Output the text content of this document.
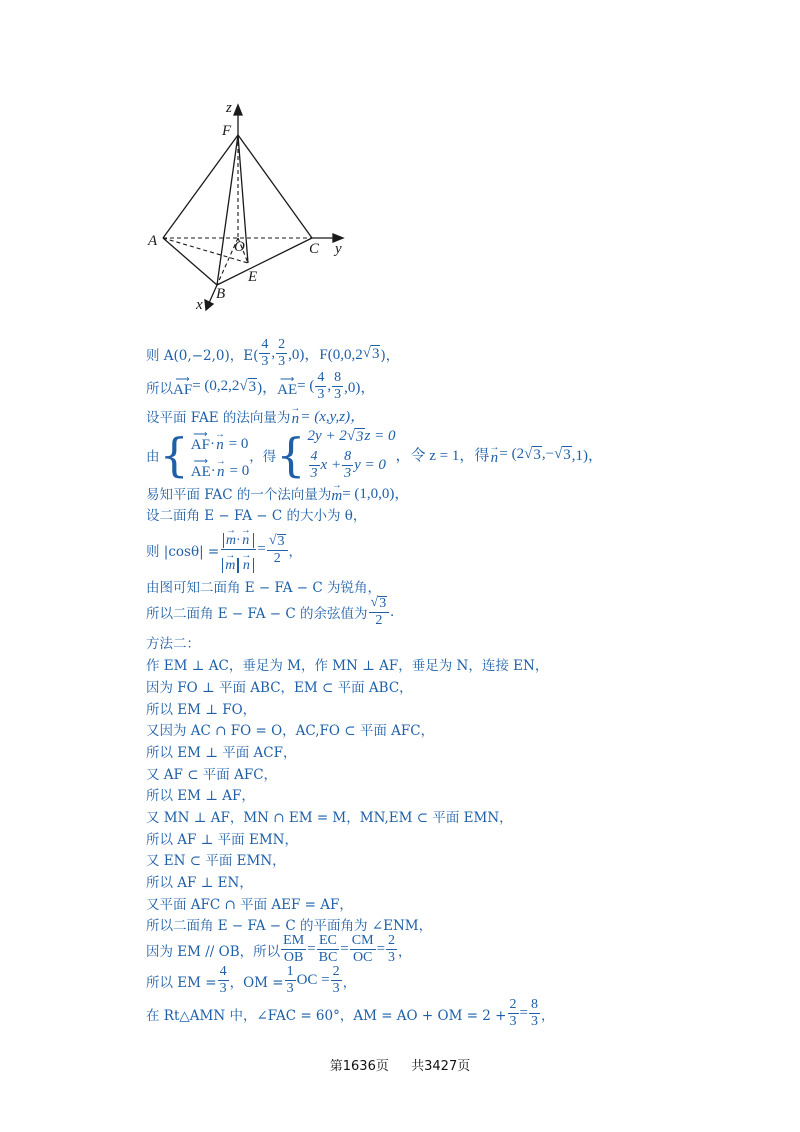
z
F
A	O	C y
E
B
x
则 A(0,−2,0)，$E( \frac{4}{3}$ , $\frac{2}{3} ,0$)，F(0,0,2 √ 3 )，
所以
⟶
AF = (0,2,2 √ 3 )，
⟶
AE = ( $\frac{4}{3}$ , $\frac{8}{3} ,0$)，
设平面 FAE 的法向量为
→
n = (x,y,z)，
由 { ⟶
AF ·
→
n = 0
⟶
AE ·
→
n = 0
，得 { 2y + 2√ 3 z = 0
$\frac{4}{3}$ $x + \frac{8}{3}$ y = 0
，令 z = 1，得
→
n = (2 √ 3 ,− √ 3 ,1)，
易知平面 FAC 的一个法向量为
→
m = (1,0,0)，
设二面角 E − FA − C 的大小为 θ，
则 |cosθ| = →
m ·
→
n
→
m
→
$n = \frac{√ 3}{2}$ ，
由图可知二面角 E − FA − C 为锐角，
所以二面角 E − FA − C 的余弦值为 $\frac{√ 3}{2}$ .
方法二：
作 EM ⊥ AC，垂足为 M，作 MN ⊥ AF，垂足为 N，连接 EN，
因为 FO ⊥ 平面 ABC，EM ⊂ 平面 ABC，
所以 EM ⊥ FO，
又因为 AC ∩ FO = O，AC,FO ⊂ 平面 AFC，
所以 EM ⊥ 平面 ACF，
又 AF ⊂ 平面 AFC，
所以 EM ⊥ AF，
又 MN ⊥ AF，MN ∩ EM = M，MN,EM ⊂ 平面 EMN，
所以 AF ⊥ 平面 EMN，
又 EN ⊂ 平面 EMN，
所以 AF ⊥ EN，
又平面 AFC ∩ 平面 AEF = AF，
所以二面角 E − FA − C 的平面角为 ∠ENM，
因为 EM // OB，所以 $\frac{EM}{OB} = \frac{EC}{BC} = \frac{CM}{OC} = \frac{2}{3}$ ，
所以 EM = $\frac{4}{3}$ ，OM = $\frac{1}{3}$ OC = $\frac{2}{3}$ ，
在 Rt△AMN 中，∠FAC = 60°，AM = AO + OM = $2 + \frac{2}{3} = \frac{8}{3}$ ，
第1636页 共3427页
